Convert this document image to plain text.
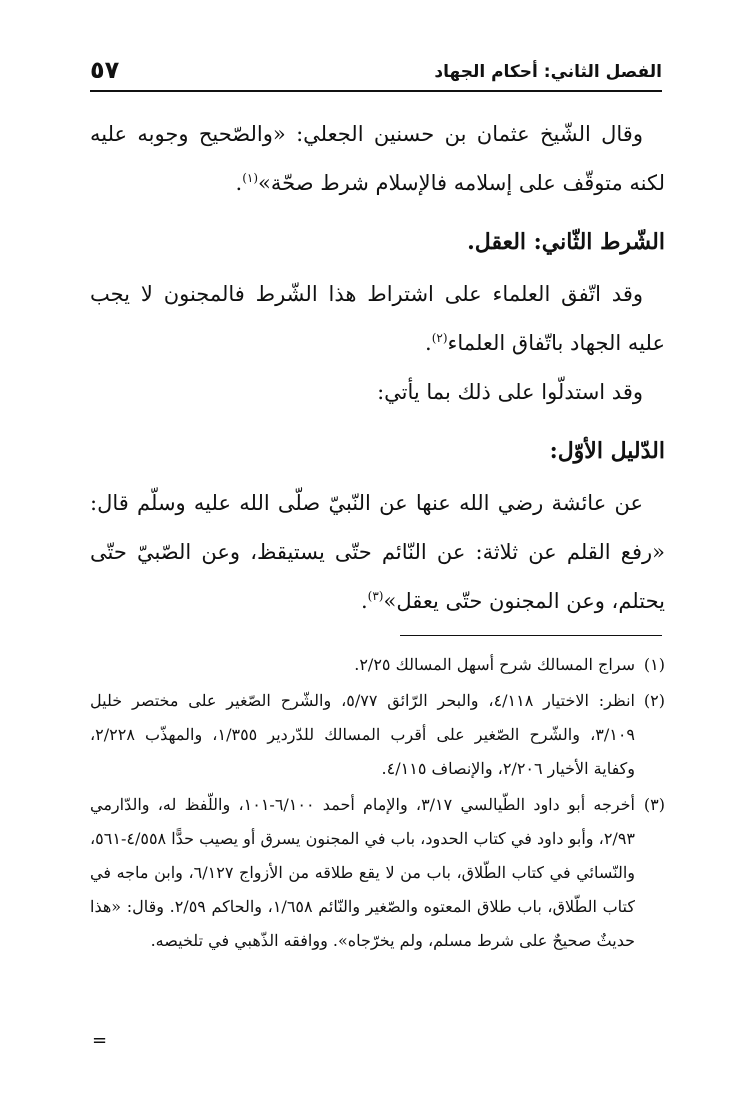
الفصل الثاني: أحكام الجهاد
٥٧

وقال الشّيخ عثمان بن حسنين الجعلي: «والصّحيح وجوبه عليه لكنه متوقّف على إسلامه فالإسلام شرط صحّة»$^{(١)}$.

الشّرط الثّاني: العقل.

وقد اتّفق العلماء على اشتراط هذا الشّرط فالمجنون لا يجب عليه الجهاد باتّفاق العلماء$^{(٢)}$.

وقد استدلّوا على ذلك بما يأتي:

الدّليل الأوّل:

عن عائشة رضي الله عنها عن النّبيّ صلّى الله عليه وسلّم قال: «رفع القلم عن ثلاثة: عن النّائم حتّى يستيقظ، وعن الصّبيّ حتّى يحتلم، وعن المجنون حتّى يعقل»$^{(٣)}$.

(١)
سراج المسالك شرح أسهل المسالك ٢/٢٥.
(٢)
انظر: الاختيار ٤/١١٨، والبحر الرّائق ٥/٧٧، والشّرح الصّغير على مختصر خليل ٣/١٠٩، والشّرح الصّغير على أقرب المسالك للدّردير ١/٣٥٥، والمهذّب ٢/٢٢٨، وكفاية الأخيار ٢/٢٠٦، والإنصاف ٤/١١٥.
(٣)
أخرجه أبو داود الطّيالسي ٣/١٧، والإمام أحمد ٦/١٠٠-١٠١، واللّفظ له، والدّارمي ٢/٩٣، وأبو داود في كتاب الحدود، باب في المجنون يسرق أو يصيب حدًّا ٤/٥٥٨-٥٦١، والنّسائي في كتاب الطّلاق، باب من لا يقع طلاقه من الأزواج ٦/١٢٧، وابن ماجه في كتاب الطّلاق، باب طلاق المعتوه والصّغير والنّائم ١/٦٥٨، والحاكم ٢/٥٩. وقال: «هذا حديثٌ صحيحٌ على شرط مسلم، ولم يخرّجاه». ووافقه الذّهبي في تلخيصه.
=
